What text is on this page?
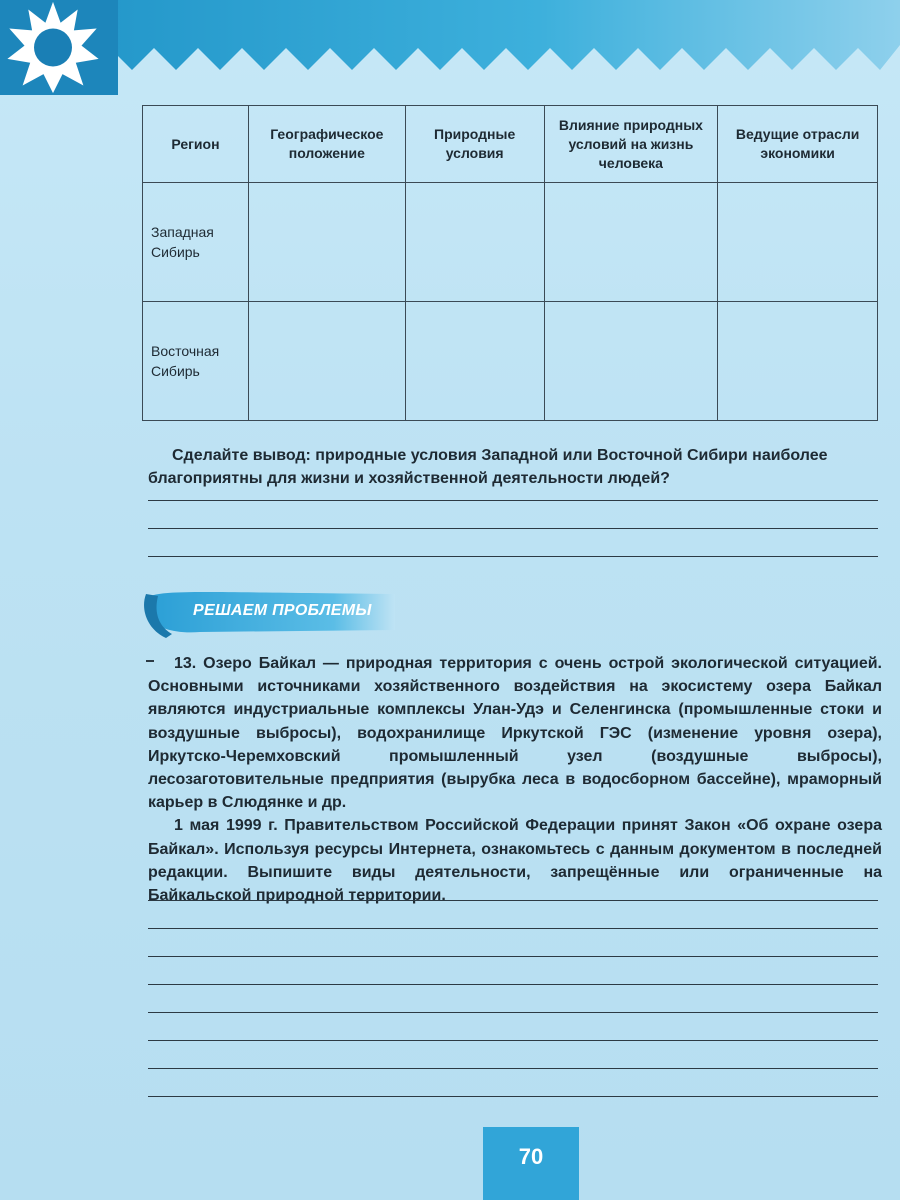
Регион	Географическое положение	Природные условия	Влияние природных условий на жизнь человека	Ведущие отрасли экономики
Западная Сибирь				
Восточная Сибирь				
Сделайте вывод: природные условия Западной или Восточной Сибири наиболее благоприятны для жизни и хозяйственной деятельности людей?
РЕШАЕМ ПРОБЛЕМЫ

13. Озеро Байкал — природная территория с очень острой экологической ситуацией. Основными источниками хозяйственного воздействия на экосистему озера Байкал являются индустриальные комплексы Улан-Удэ и Селенгинска (промышленные стоки и воздушные выбросы), водохранилище Иркутской ГЭС (изменение уровня озера), Иркутско-Черемховский промышленный узел (воздушные выбросы), лесозаготовительные предприятия (вырубка леса в водосборном бассейне), мраморный карьер в Слюдянке и др.

1 мая 1999 г. Правительством Российской Федерации принят Закон «Об охране озера Байкал». Используя ресурсы Интернета, ознакомьтесь с данным документом в последней редакции. Выпишите виды деятельности, запрещённые или ограниченные на Байкальской природной территории.

70
